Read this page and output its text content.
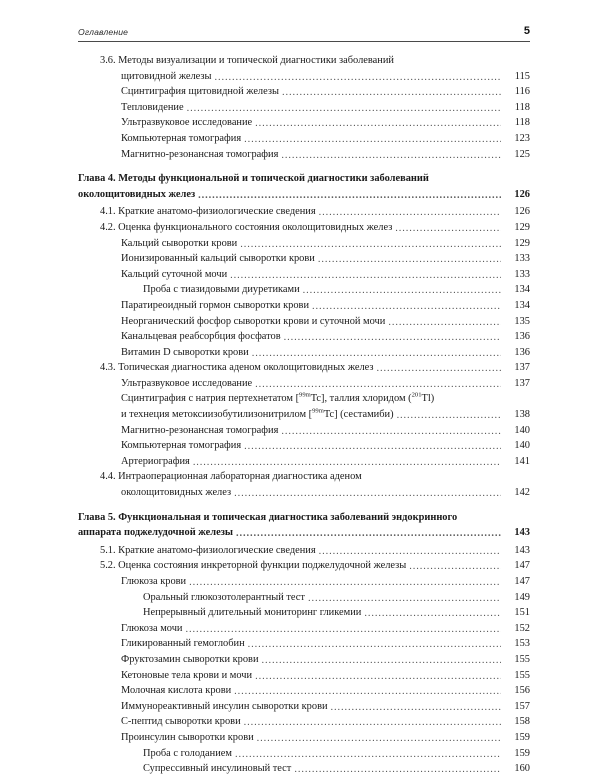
Оглавление	5
3.6. Методы визуализации и топической диагностики заболеваний
щитовидной железы .....	115
Сцинтиграфия щитовидной железы .....	116
Тепловидение .....	118
Ультразвуковое исследование .....	118
Компьютерная томография .....	123
Магнитно-резонансная томография .....	125
Глава 4. Методы функциональной и топической диагностики заболеваний
околощитовидных желез .....	126
4.1. Краткие анатомо-физиологические сведения .....	126
4.2. Оценка функционального состояния околощитовидных желез .....	129
Кальций сыворотки крови .....	129
Ионизированный кальций сыворотки крови .....	133
Кальций суточной мочи .....	133
Проба с тиазидовыми диуретиками .....	134
Паратиреоидный гормон сыворотки крови .....	134
Неорганический фосфор сыворотки крови и суточной мочи .....	135
Канальцевая реабсорбция фосфатов .....	136
Витамин D сыворотки крови .....	136
4.3. Топическая диагностика аденом околощитовидных желез .....	137
Ультразвуковое исследование .....	137
Сцинтиграфия с натрия пертехнетатом [$^{99m}$Tc], таллия хлоридом ($^{201}$Tl)
и технеция метоксиизобутилизонитрилом [$^{99m}$Tc] (сестамиби) .....	138
Магнитно-резонансная томография .....	140
Компьютерная томография .....	140
Артериография .....	141
4.4. Интраоперационная лабораторная диагностика аденом
околощитовидных желез .....	142
Глава 5. Функциональная и топическая диагностика заболеваний эндокринного
аппарата поджелудочной железы .....	143
5.1. Краткие анатомо-физиологические сведения .....	143
5.2. Оценка состояния инкреторной функции поджелудочной железы .....	147
Глюкоза крови .....	147
Оральный глюкозотолерантный тест .....	149
Непрерывный длительный мониторинг гликемии .....	151
Глюкоза мочи .....	152
Гликированный гемоглобин .....	153
Фруктозамин сыворотки крови .....	155
Кетоновые тела крови и мочи .....	155
Молочная кислота крови .....	156
Иммунореактивный инсулин сыворотки крови .....	157
С-пептид сыворотки крови .....	158
Проинсулин сыворотки крови .....	159
Проба с голоданием .....	159
Супрессивный инсулиновый тест .....	160
